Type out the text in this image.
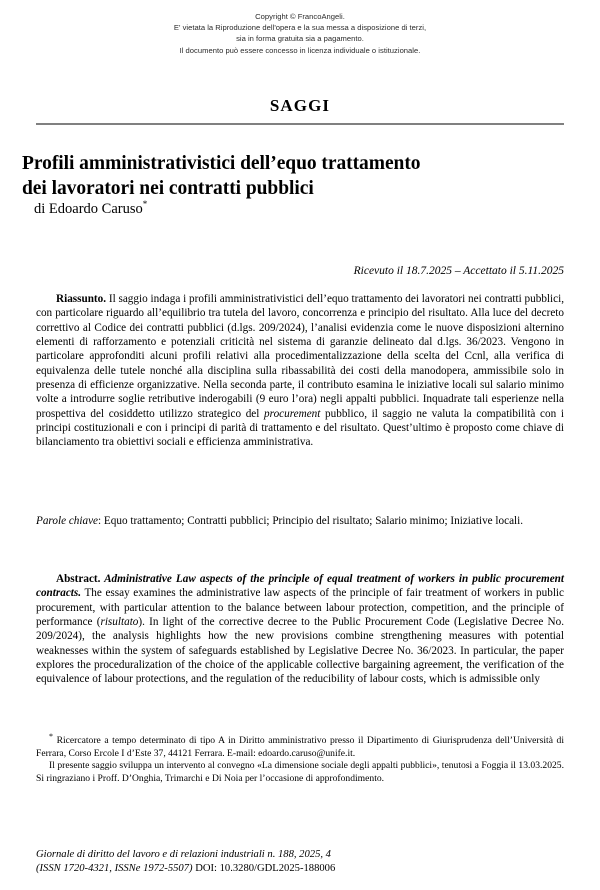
Copyright © FrancoAngeli.
E' vietata la Riproduzione dell'opera e la sua messa a disposizione di terzi,
sia in forma gratuita sia a pagamento.
Il documento può essere concesso in licenza individuale o istituzionale.
SAGGI
Profili amministrativistici dell’equo trattamento
dei lavoratori nei contratti pubblici
di Edoardo Caruso*
Ricevuto il 18.7.2025 – Accettato il 5.11.2025

Riassunto. Il saggio indaga i profili amministrativistici dell’equo trattamento dei lavoratori nei contratti pubblici, con particolare riguardo all’equilibrio tra tutela del lavoro, concorrenza e principio del risultato. Alla luce del decreto correttivo al Codice dei contratti pubblici (d.lgs. 209/2024), l’analisi evidenzia come le nuove disposizioni alternino elementi di rafforzamento e potenziali criticità nel sistema di garanzie delineato dal d.lgs. 36/2023. Vengono in particolare approfonditi alcuni profili relativi alla procedimentalizzazione della scelta del Ccnl, alla verifica di equivalenza delle tutele nonché alla disciplina sulla ribassabilità dei costi della manodopera, ammissibile solo in presenza di efficienze organizzative. Nella seconda parte, il contributo esamina le iniziative locali sul salario minimo volte a introdurre soglie retributive inderogabili (9 euro l’ora) negli appalti pubblici. Inquadrate tali esperienze nella prospettiva del cosiddetto utilizzo strategico del procurement pubblico, il saggio ne valuta la compatibilità con i principi costituzionali e con i principi di parità di trattamento e del risultato. Quest’ultimo è proposto come chiave di bilanciamento tra obiettivi sociali e efficienza amministrativa.

Parole chiave: Equo trattamento; Contratti pubblici; Principio del risultato; Salario minimo; Iniziative locali.

Abstract. Administrative Law aspects of the principle of equal treatment of workers in public procurement contracts. The essay examines the administrative law aspects of the principle of fair treatment of workers in public procurement, with particular attention to the balance between labour protection, competition, and the principle of performance (risultato). In light of the corrective decree to the Public Procurement Code (Legislative Decree No. 209/2024), the analysis highlights how the new provisions combine strengthening measures with potential weaknesses within the system of safeguards established by Legislative Decree No. 36/2023. In particular, the paper explores the proceduralization of the choice of the applicable collective bargaining agreement, the verification of the equivalence of labour protections, and the regulation of the reducibility of labour costs, which is admissible only

* Ricercatore a tempo determinato di tipo A in Diritto amministrativo presso il Dipartimento di Giurisprudenza dell’Università di Ferrara, Corso Ercole I d’Este 37, 44121 Ferrara. E-mail: edoardo.caruso@unife.it.

Il presente saggio sviluppa un intervento al convegno «La dimensione sociale degli appalti pubblici», tenutosi a Foggia il 13.03.2025. Si ringraziano i Proff. D’Onghia, Trimarchi e Di Noia per l’occasione di approfondimento.

Giornale di diritto del lavoro e di relazioni industriali n. 188, 2025, 4
(ISSN 1720-4321, ISSNe 1972-5507) DOI: 10.3280/GDL2025-188006
